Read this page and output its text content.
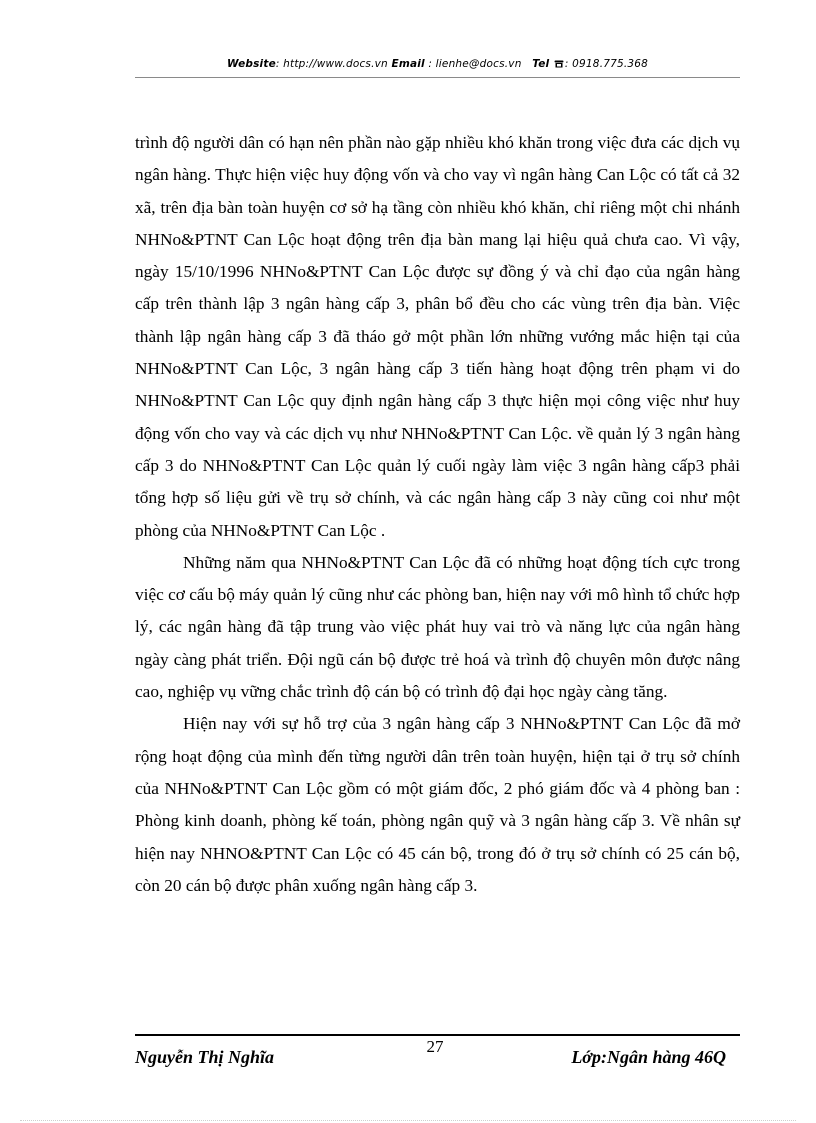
Website: http://www.docs.vn Email : lienhe@docs.vn Tel : 0918.775.368

trình độ người dân có hạn nên phần nào gặp nhiều khó khăn trong việc đưa các dịch vụ ngân hàng. Thực hiện việc huy động vốn và cho vay vì ngân hàng Can Lộc có tất cả 32 xã, trên địa bàn toàn huyện cơ sở hạ tầng còn nhiều khó khăn, chỉ riêng một chi nhánh NHNo&PTNT Can Lộc hoạt động trên địa bàn mang lại hiệu quả chưa cao. Vì vậy, ngày 15/10/1996 NHNo&PTNT Can Lộc được sự đồng ý và chỉ đạo của ngân hàng cấp trên thành lập 3 ngân hàng cấp 3, phân bổ đều cho các vùng trên địa bàn. Việc thành lập ngân hàng cấp 3 đã tháo gở một phần lớn những vướng mắc hiện tại của NHNo&PTNT Can Lộc, 3 ngân hàng cấp 3 tiến hàng hoạt động trên phạm vi do NHNo&PTNT Can Lộc quy định ngân hàng cấp 3 thực hiện mọi công việc như huy động vốn cho vay và các dịch vụ như NHNo&PTNT Can Lộc. về quản lý 3 ngân hàng cấp 3 do NHNo&PTNT Can Lộc quản lý cuối ngày làm việc 3 ngân hàng cấp3 phải tổng hợp số liệu gửi về trụ sở chính, và các ngân hàng cấp 3 này cũng coi như một phòng của NHNo&PTNT Can Lộc .

Những năm qua NHNo&PTNT Can Lộc đã có những hoạt động tích cực trong việc cơ cấu bộ máy quản lý cũng như các phòng ban, hiện nay với mô hình tổ chức hợp lý, các ngân hàng đã tập trung vào việc phát huy vai trò và năng lực của ngân hàng ngày càng phát triển. Đội ngũ cán bộ được trẻ hoá và trình độ chuyên môn được nâng cao, nghiệp vụ vững chắc trình độ cán bộ có trình độ đại học ngày càng tăng.

Hiện nay với sự hỗ trợ của 3 ngân hàng cấp 3 NHNo&PTNT Can Lộc đã mở rộng hoạt động của mình đến từng người dân trên toàn huyện, hiện tại ở trụ sở chính của NHNo&PTNT Can Lộc gồm có một giám đốc, 2 phó giám đốc và 4 phòng ban : Phòng kinh doanh, phòng kế toán, phòng ngân quỹ và 3 ngân hàng cấp 3. Về nhân sự hiện nay NHNO&PTNT Can Lộc có 45 cán bộ, trong đó ở trụ sở chính có 25 cán bộ, còn 20 cán bộ được phân xuống ngân hàng cấp 3.

27
Nguyễn Thị Nghĩa	Lớp:Ngân hàng 46Q
